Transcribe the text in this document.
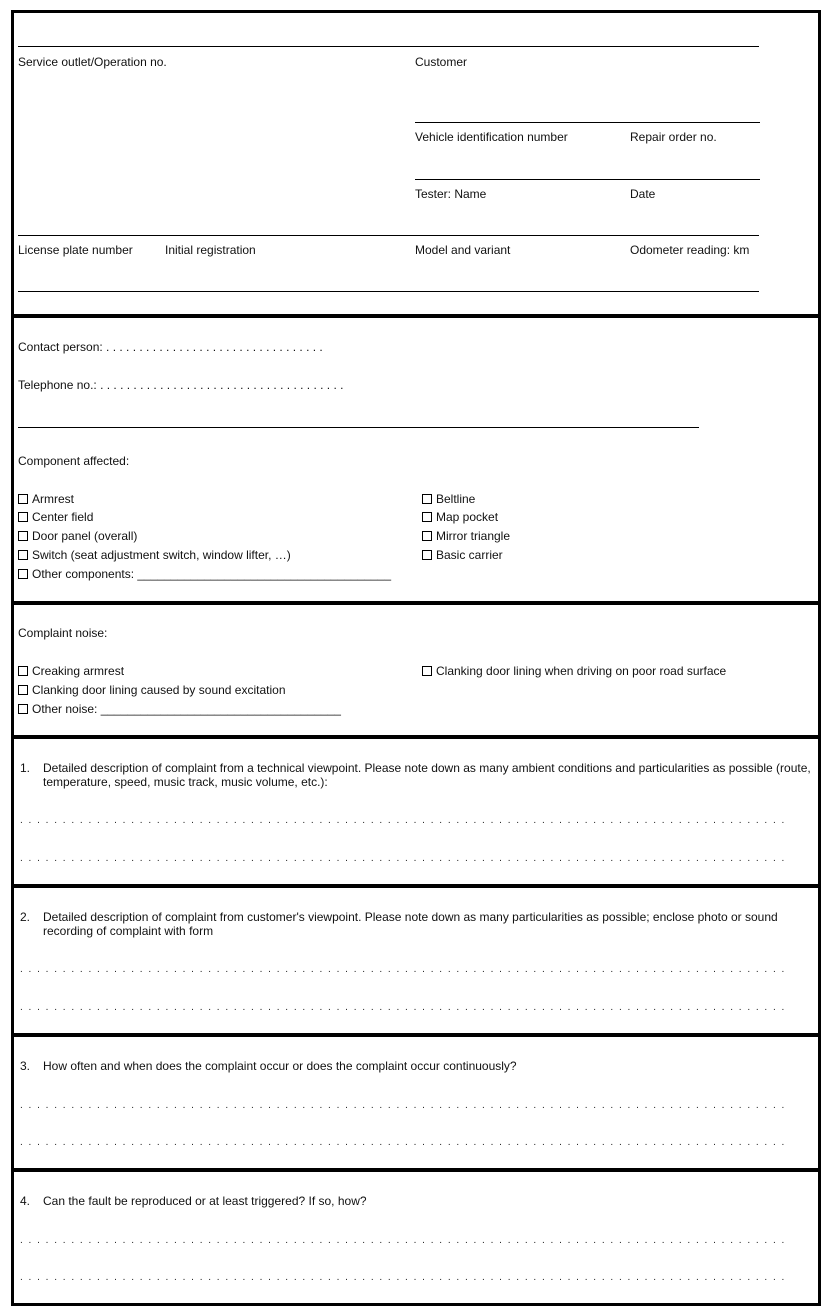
Service outlet/Operation no.	Customer
Vehicle identification number	Repair order no.
Tester: Name	Date
License plate number	Initial registration	Model and variant	Odometer reading: km
Contact person: . . . . . . . . . . . . . . . . . . . . . . . . . . . . . . . . .
Telephone no.: . . . . . . . . . . . . . . . . . . . . . . . . . . . . . . . . . . . . .
Component affected:
Armrest
Center field
Door panel (overall)
Switch (seat adjustment switch, window lifter, …)
Other components: ______________________________________
Beltline
Map pocket
Mirror triangle
Basic carrier
Complaint noise:
Creaking armrest
Clanking door lining caused by sound excitation
Other noise: ____________________________________
Clanking door lining when driving on poor road surface
1. Detailed description of complaint from a technical viewpoint. Please note down as many ambient conditions and particularities as possible (route, temperature, speed, music track, music volume, etc.):
. . . . . . . . . . . . . . . . . . . . . . . . . . . . . . . . . . . . . . . . . . . . . . . . . . . . . . . . . . . . . . . . . . . . . . . . . . . . . . . . . . . . . . . . . .
. . . . . . . . . . . . . . . . . . . . . . . . . . . . . . . . . . . . . . . . . . . . . . . . . . . . . . . . . . . . . . . . . . . . . . . . . . . . . . . . . . . . . . . . . .
2. Detailed description of complaint from customer's viewpoint. Please note down as many particularities as possible; enclose photo or sound recording of complaint with form
. . . . . . . . . . . . . . . . . . . . . . . . . . . . . . . . . . . . . . . . . . . . . . . . . . . . . . . . . . . . . . . . . . . . . . . . . . . . . . . . . . . . . . . . . .
. . . . . . . . . . . . . . . . . . . . . . . . . . . . . . . . . . . . . . . . . . . . . . . . . . . . . . . . . . . . . . . . . . . . . . . . . . . . . . . . . . . . . . . . . .
3. How often and when does the complaint occur or does the complaint occur continuously?
. . . . . . . . . . . . . . . . . . . . . . . . . . . . . . . . . . . . . . . . . . . . . . . . . . . . . . . . . . . . . . . . . . . . . . . . . . . . . . . . . . . . . . . . . .
. . . . . . . . . . . . . . . . . . . . . . . . . . . . . . . . . . . . . . . . . . . . . . . . . . . . . . . . . . . . . . . . . . . . . . . . . . . . . . . . . . . . . . . . . .
4. Can the fault be reproduced or at least triggered? If so, how?
. . . . . . . . . . . . . . . . . . . . . . . . . . . . . . . . . . . . . . . . . . . . . . . . . . . . . . . . . . . . . . . . . . . . . . . . . . . . . . . . . . . . . . . . . .
. . . . . . . . . . . . . . . . . . . . . . . . . . . . . . . . . . . . . . . . . . . . . . . . . . . . . . . . . . . . . . . . . . . . . . . . . . . . . . . . . . . . . . . . . .
